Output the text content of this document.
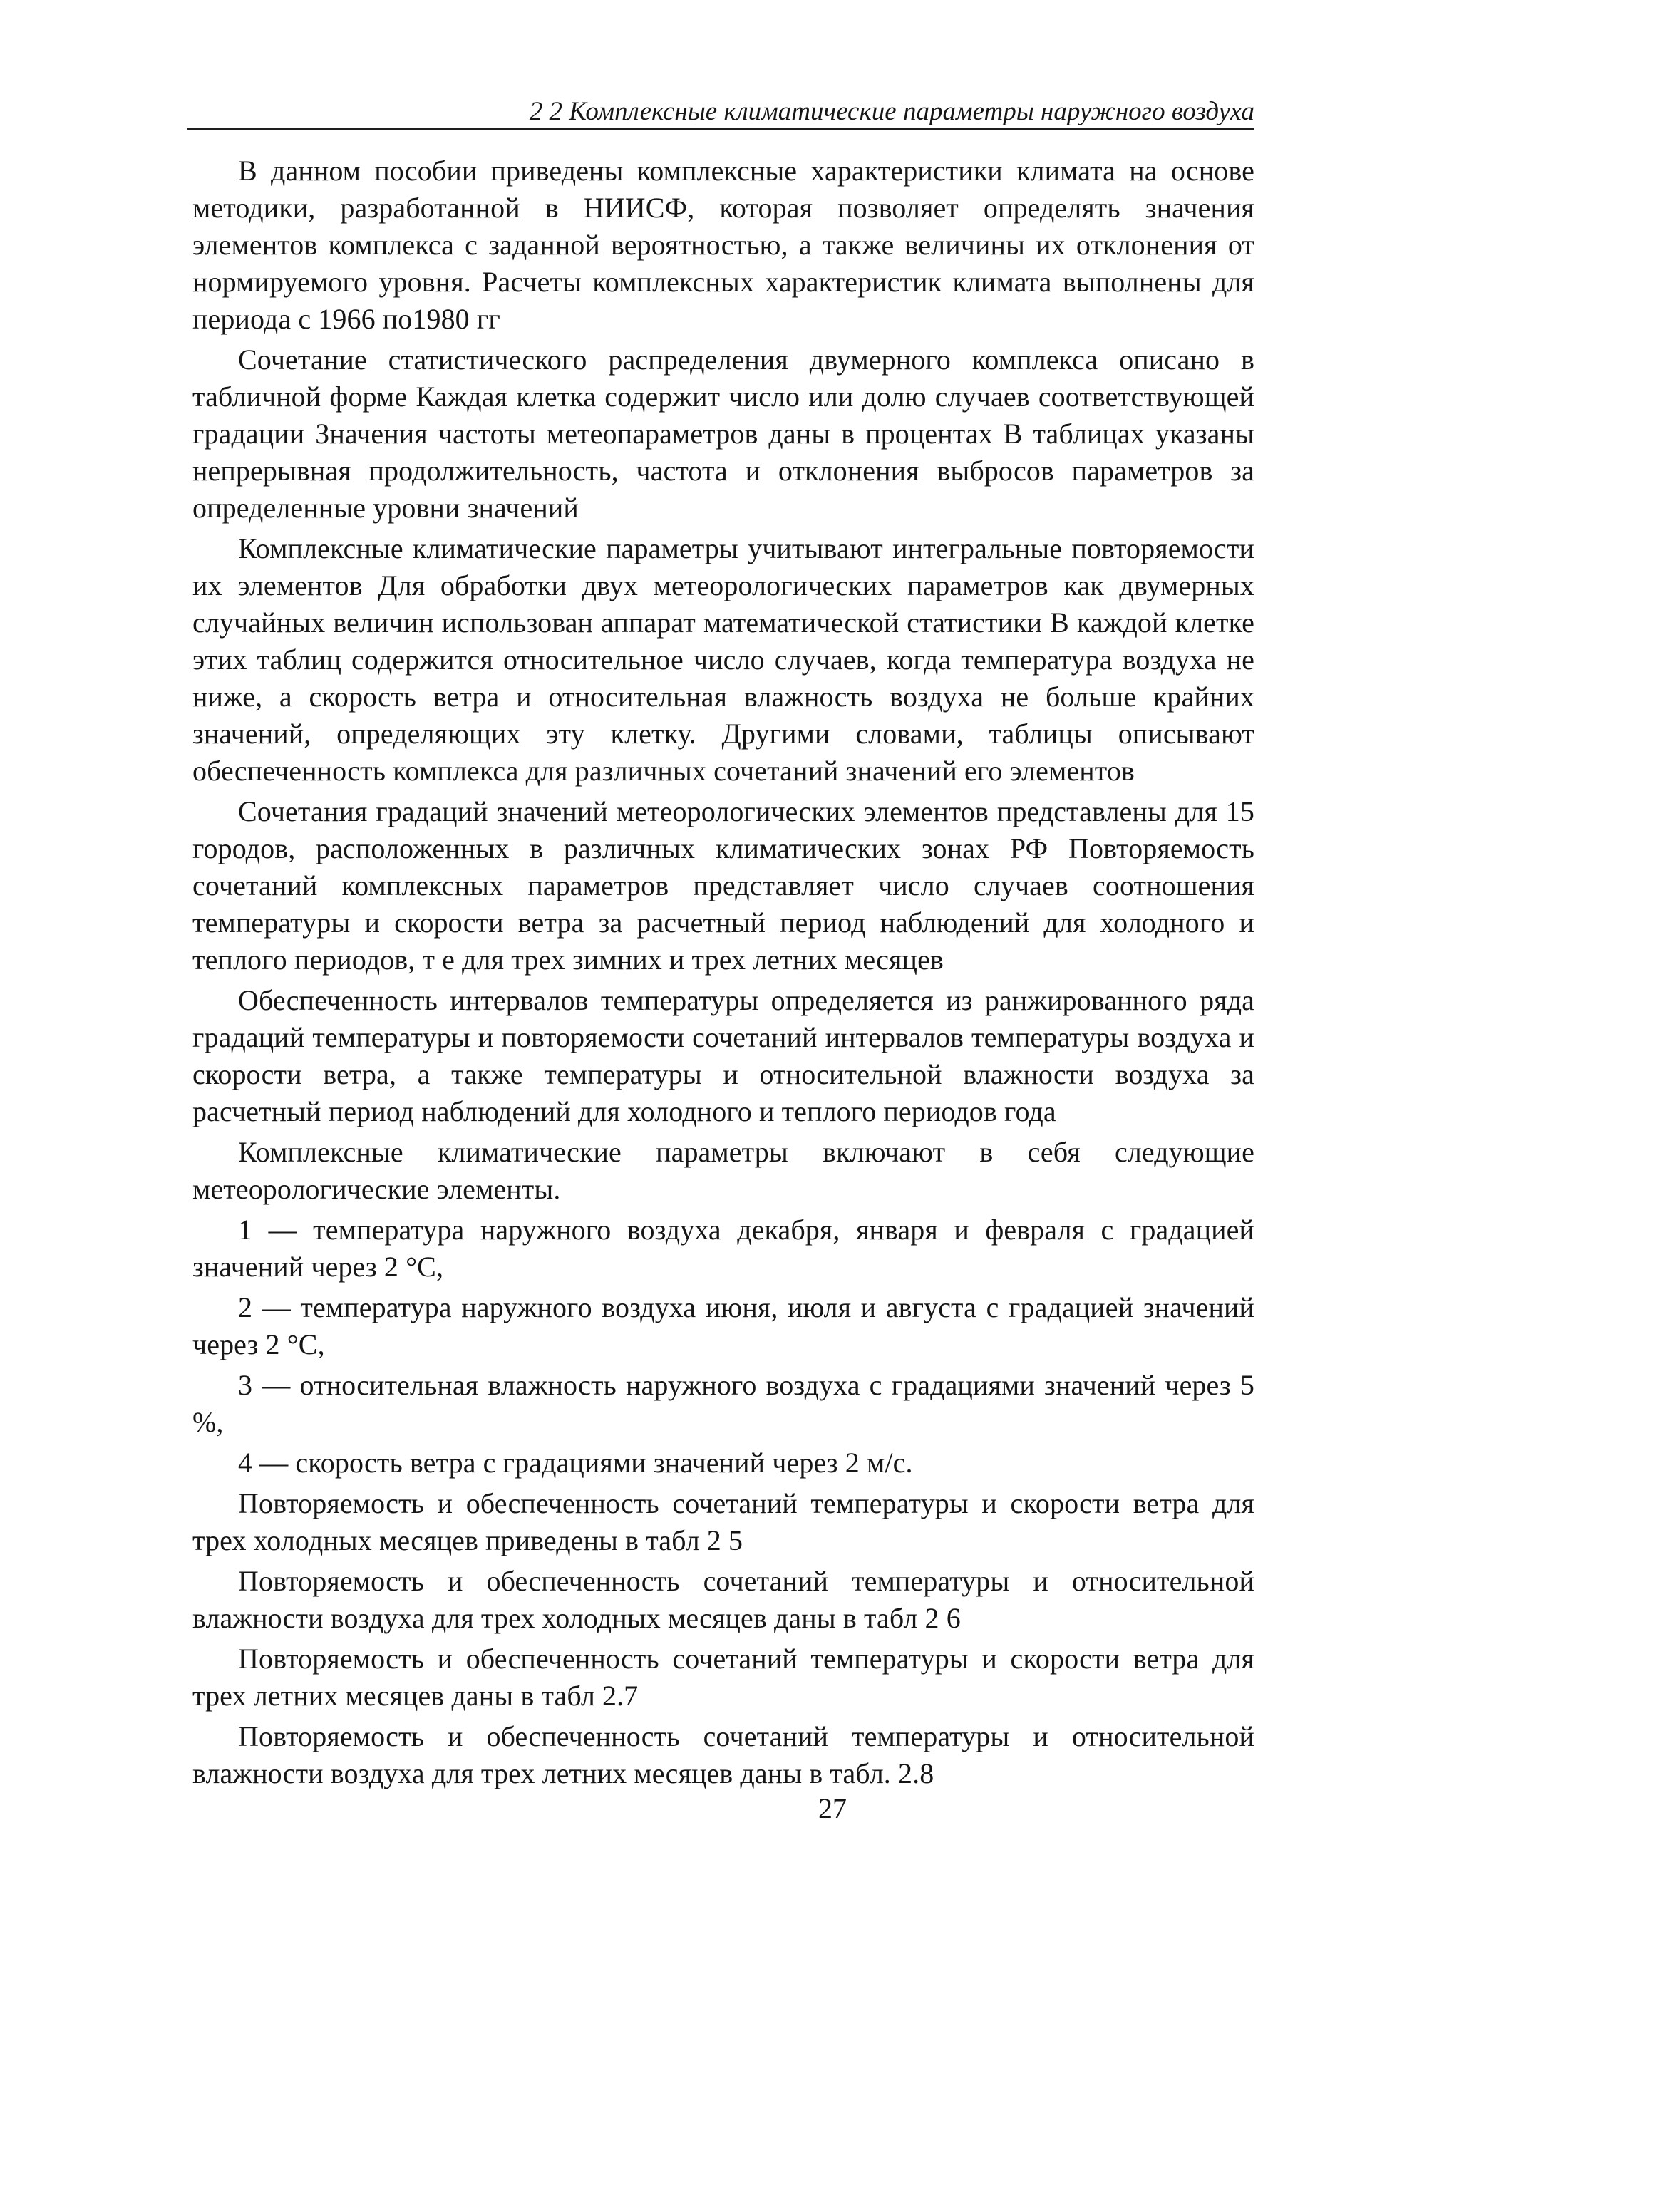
2 2 Комплексные климатические параметры наружного воздуха

В данном пособии приведены комплексные характеристики климата на основе методики, разработанной в НИИСФ, которая позволяет определять значения элементов комплекса с заданной вероятностью, а также величины их отклонения от нормируемого уровня. Расчеты комплексных характеристик климата выполнены для периода с 1966 по1980 гг

Сочетание статистического распределения двумерного комплекса описано в табличной форме Каждая клетка содержит число или долю случаев соответствующей градации Значения частоты метеопараметров даны в процентах В таблицах указаны непрерывная продолжительность, частота и отклонения выбросов параметров за определенные уровни значений

Комплексные климатические параметры учитывают интегральные повторяемости их элементов Для обработки двух метеорологических параметров как двумерных случайных величин использован аппарат математической статистики В каждой клетке этих таблиц содержится относительное число случаев, когда температура воздуха не ниже, а скорость ветра и относительная влажность воздуха не больше крайних значений, определяющих эту клетку. Другими словами, таблицы описывают обеспеченность комплекса для различных сочетаний значений его элементов

Сочетания градаций значений метеорологических элементов представлены для 15 городов, расположенных в различных климатических зонах РФ Повторяемость сочетаний комплексных параметров представляет число случаев соотношения температуры и скорости ветра за расчетный период наблюдений для холодного и теплого периодов, т е для трех зимних и трех летних месяцев

Обеспеченность интервалов температуры определяется из ранжированного ряда градаций температуры и повторяемости сочетаний интервалов температуры воздуха и скорости ветра, а также температуры и относительной влажности воздуха за расчетный период наблюдений для холодного и теплого периодов года

Комплексные климатические параметры включают в себя следующие метеорологические элементы.

1 — температура наружного воздуха декабря, января и февраля с градацией значений через 2 °С,

2 — температура наружного воздуха июня, июля и августа с градацией значений через 2 °С,

3 — относительная влажность наружного воздуха с градациями значений через 5 %,

4 — скорость ветра с градациями значений через 2 м/с.

Повторяемость и обеспеченность сочетаний температуры и скорости ветра для трех холодных месяцев приведены в табл 2 5

Повторяемость и обеспеченность сочетаний температуры и относительной влажности воздуха для трех холодных месяцев даны в табл 2 6

Повторяемость и обеспеченность сочетаний температуры и скорости ветра для трех летних месяцев даны в табл 2.7

Повторяемость и обеспеченность сочетаний температуры и относительной влажности воздуха для трех летних месяцев даны в табл. 2.8

27
